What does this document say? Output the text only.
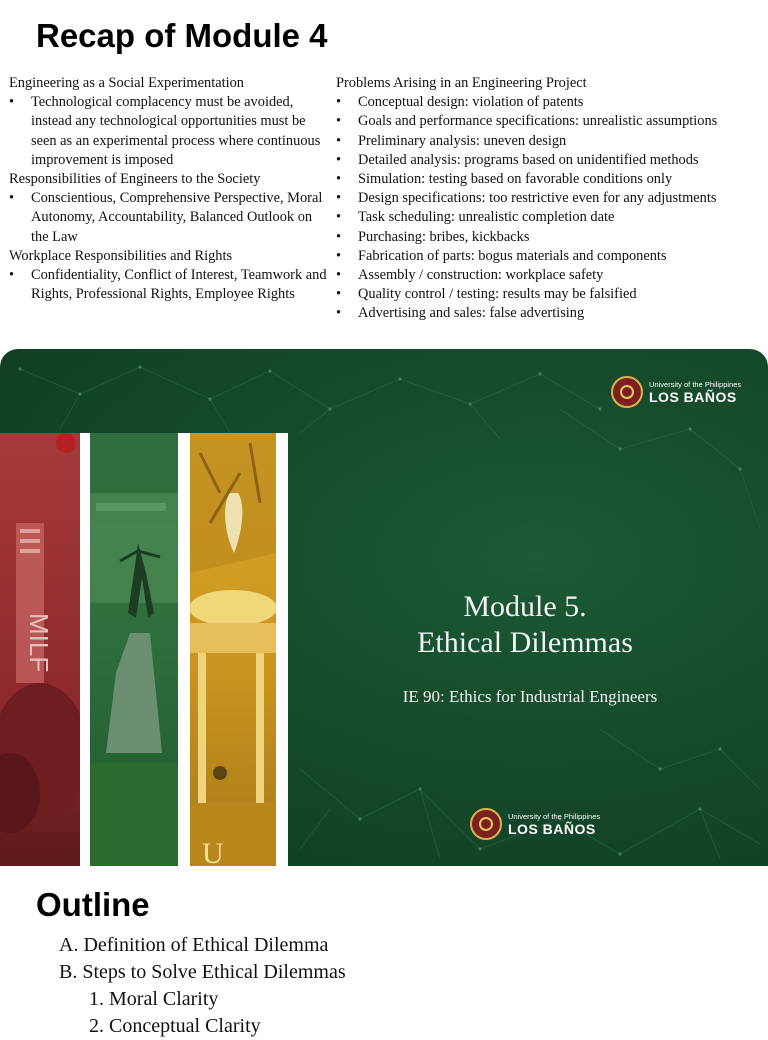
Recap of Module 4
Engineering as a Social Experimentation
• Technological complacency must be avoided, instead any technological opportunities must be seen as an experimental process where continuous improvement is imposed
Responsibilities of Engineers to the Society
• Conscientious, Comprehensive Perspective, Moral Autonomy, Accountability, Balanced Outlook on the Law
Workplace Responsibilities and Rights
• Confidentiality, Conflict of Interest, Teamwork and Rights, Professional Rights, Employee Rights
Problems Arising in an Engineering Project
• Conceptual design: violation of patents
• Goals and performance specifications: unrealistic assumptions
• Preliminary analysis: uneven design
• Detailed analysis: programs based on unidentified methods
• Simulation: testing based on favorable conditions only
• Design specifications: too restrictive even for any adjustments
• Task scheduling: unrealistic completion date
• Purchasing: bribes, kickbacks
• Fabrication of parts: bogus materials and components
• Assembly / construction: workplace safety
• Quality control / testing: results may be falsified
• Advertising and sales: false advertising
MILF
U
University of the Philippines
LOS BAÑOS
Module 5.
Ethical Dilemmas
IE 90: Ethics for Industrial Engineers
University of the Philippines
LOS BAÑOS
Outline
A. Definition of Ethical Dilemma
B. Steps to Solve Ethical Dilemmas
1. Moral Clarity
2. Conceptual Clarity
